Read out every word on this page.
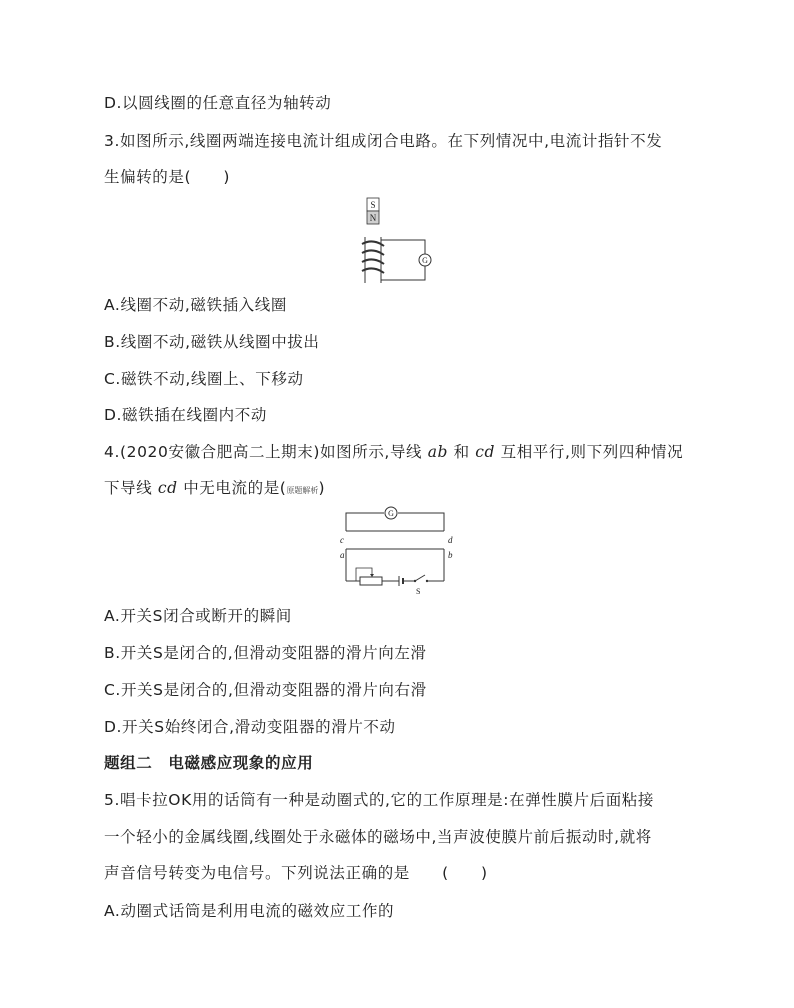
D.以圆线圈的任意直径为轴转动
3.如图所示,线圈两端连接电流计组成闭合电路。在下列情况中,电流计指针不发
生偏转的是(　　)
S
N
G
A.线圈不动,磁铁插入线圈
B.线圈不动,磁铁从线圈中拔出
C.磁铁不动,线圈上、下移动
D.磁铁插在线圈内不动
4.(2020安徽合肥高二上期末)如图所示,导线 ab 和 cd 互相平行,则下列四种情况
下导线 cd 中无电流的是(原题解析)
G
c	d
a	b
S
A.开关S闭合或断开的瞬间
B.开关S是闭合的,但滑动变阻器的滑片向左滑
C.开关S是闭合的,但滑动变阻器的滑片向右滑
D.开关S始终闭合,滑动变阻器的滑片不动
题组二　电磁感应现象的应用
5.唱卡拉OK用的话筒有一种是动圈式的,它的工作原理是:在弹性膜片后面粘接
一个轻小的金属线圈,线圈处于永磁体的磁场中,当声波使膜片前后振动时,就将
声音信号转变为电信号。下列说法正确的是　　(　　)
A.动圈式话筒是利用电流的磁效应工作的
